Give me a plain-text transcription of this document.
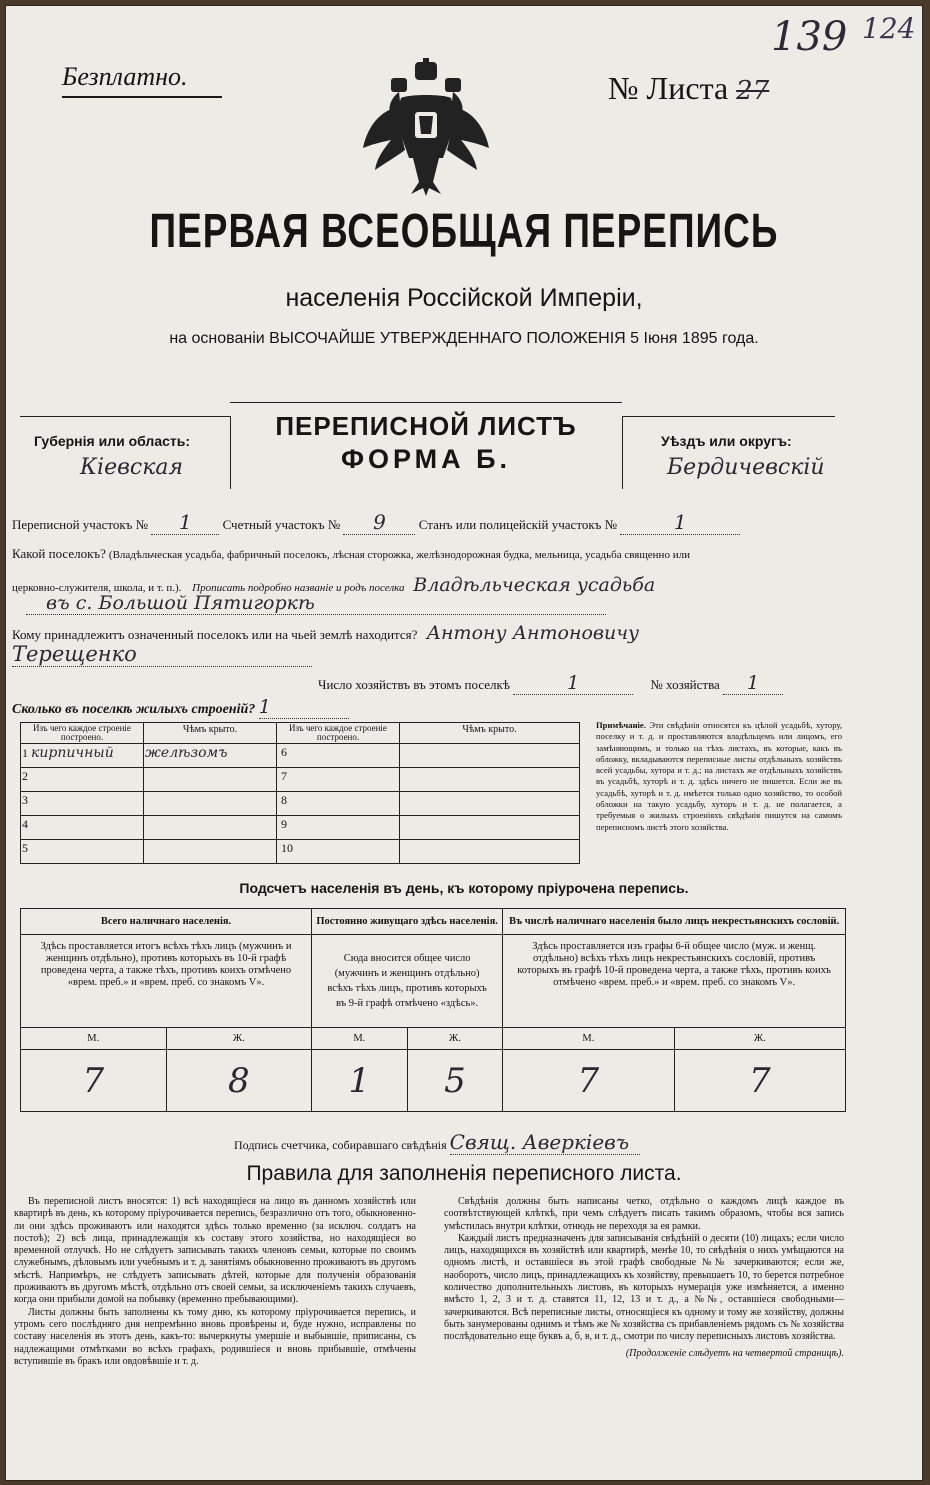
139 124
Безплатно.	№ Листа 27
ПЕРВАЯ ВСЕОБЩАЯ ПЕРЕПИСЬ
населенія Россійской Имперіи,
на основаніи ВЫСОЧАЙШЕ УТВЕРЖДЕННАГО ПОЛОЖЕНІЯ 5 Іюня 1895 года.
Губернія или область:
Кіевская
ПЕРЕПИСНОЙ ЛИСТЪ
ФОРМА Б.
Уѣздъ или округъ:
Бердичевскій
Переписной участокъ № 1 Счетный участокъ № 9	Станъ или полицейскій участокъ №	1
Какой поселокъ? (Владѣльческая усадьба, фабричный поселокъ, лѣсная сторожка, желѣзнодорожная будка, мельница, усадьба священно или
церковно-служителя, школа, и т. п.). Прописать подробно названіе и родъ поселка Владѣльческая усадьба
въ с. Большой Пятигоркѣ
Кому принадлежитъ означенный поселокъ или на чьей землѣ находится? Антону Антоновичу
Терещенко
Число хозяйствъ въ этомъ поселкѣ	1	№ хозяйства 1
Сколько въ поселкѣ жилыхъ строеній? 1
Изъ чего каждое строеніе построено.	Чѣмъ крыто.	Изъ чего каждое строеніе построено.	Чѣмъ крыто.
1 кирпичный	желѣзомъ	6	
2		7	
3		8	
4		9	
5		10	
Примѣчаніе. Эти свѣдѣнія относятся къ цѣлой усадьбѣ, хутору, поселку и т. д. и проставляются владѣльцемъ или лицомъ, его замѣняющимъ, и только на тѣхъ листахъ, въ которые, какъ въ обложку, вкладываются переписные листы отдѣльныхъ хозяйствъ всей усадьбы, хутора и т. д.; на листахъ же отдѣльныхъ хозяйствъ въ усадьбѣ, хуторѣ и т. д. здѣсь ничего не пишется. Если же въ усадьбѣ, хуторѣ и т. д. имѣется только одно хозяйство, то особой обложки на такую усадьбу, хуторъ и т. д. не полагается, а требуемыя о жилыхъ строеніяхъ свѣдѣнія пишутся на самомъ переписномъ листѣ этого хозяйства.
Подсчетъ населенія въ день, къ которому пріурочена перепись.
Всего наличнаго населенія.		Постоянно живущаго здѣсь населенія.		Въ числѣ наличнаго населенія было лицъ некрестьянскихъ сословій.	
Здѣсь проставляется итогъ всѣхъ тѣхъ лицъ (мужчинъ и женщинъ отдѣльно), противъ которыхъ въ 10-й графѣ проведена черта, а также тѣхъ, противъ коихъ отмѣчено «врем. преб.» и «врем. преб. со знакомъ V».		Сюда вносится общее число (мужчинъ и женщинъ отдѣльно) всѣхъ тѣхъ лицъ, противъ которыхъ въ 9-й графѣ отмѣчено «здѣсь».		Здѣсь проставляется изъ графы 6-й общее число (муж. и женщ. отдѣльно) всѣхъ тѣхъ лицъ некрестьянскихъ сословій, противъ которыхъ въ графѣ 10-й проведена черта, а также тѣхъ, противъ коихъ отмѣчено «врем. преб.» и «врем. преб. со знакомъ V».	
М.	Ж.	М.	Ж.	М.	Ж.
7	8	1	5	7	7
Подпись счетчика, собиравшаго свѣдѣнія Свящ. Аверкіевъ
Правила для заполненія переписного листа.
Въ переписной листъ вносятся: 1) всѣ находящіеся на лицо въ данномъ хозяйствѣ или квартирѣ въ день, къ которому пріурочивается перепись, безразлично отъ того, обыкновенно-ли они здѣсь проживаютъ или находятся здѣсь только временно (за исключ. солдатъ на постоѣ); 2) всѣ лица, принадлежащія къ составу этого хозяйства, но находящіеся во временной отлучкѣ. Но не слѣдуетъ записывать такихъ членовъ семьи, которые по своимъ служебнымъ, дѣловымъ или учебнымъ и т. д. занятіямъ обыкновенно проживаютъ въ другомъ мѣстѣ. Напримѣръ, не слѣдуетъ записывать дѣтей, которые для полученія образованія проживаютъ въ другомъ мѣстѣ, отдѣльно отъ своей семьи, за исключеніемъ такихъ случаевъ, когда они прибыли домой на побывку (временно пребывающими).
Листы должны быть заполнены къ тому дню, къ которому пріурочивается перепись, и утромъ сего послѣдняго дня непремѣнно вновь провѣрены и, буде нужно, исправлены по составу населенія въ этотъ день, какъ-то: вычеркнуты умершіе и выбывшіе, приписаны, съ надлежащими отмѣтками во всѣхъ графахъ, родившіеся и вновь прибывшіе, отмѣчены вступившіе въ бракъ или овдовѣвшіе и т. д.
Свѣдѣнія должны быть написаны четко, отдѣльно о каждомъ лицѣ каждое въ соотвѣтствующей клѣткѣ, при чемъ слѣдуетъ писать такимъ образомъ, чтобы вся запись умѣстилась внутри клѣтки, отнюдь не переходя за ея рамки.
Каждый листъ предназначенъ для записыванія свѣдѣній о десяти (10) лицахъ; если число лицъ, находящихся въ хозяйствѣ или квартирѣ, менѣе 10, то свѣдѣнія о нихъ умѣщаются на одномъ листѣ, и оставшіеся въ этой графѣ свободные №№ зачеркиваются; если же, наоборотъ, число лицъ, принадлежащихъ къ хозяйству, превышаетъ 10, то берется потребное количество дополнительныхъ листовъ, въ которыхъ нумерація уже измѣняется, а именно вмѣсто 1, 2, 3 и т. д. ставятся 11, 12, 13 и т. д., а №№, оставшіеся свободными—зачеркиваются. Всѣ переписные листы, относящіеся къ одному и тому же хозяйству, должны быть занумерованы однимъ и тѣмъ же № хозяйства съ прибавленіемъ рядомъ съ № хозяйства послѣдовательно еще буквъ а, б, в, и т. д., смотри по числу переписныхъ листовъ хозяйства.
(Продолженіе слѣдуетъ на четвертой страницѣ).
